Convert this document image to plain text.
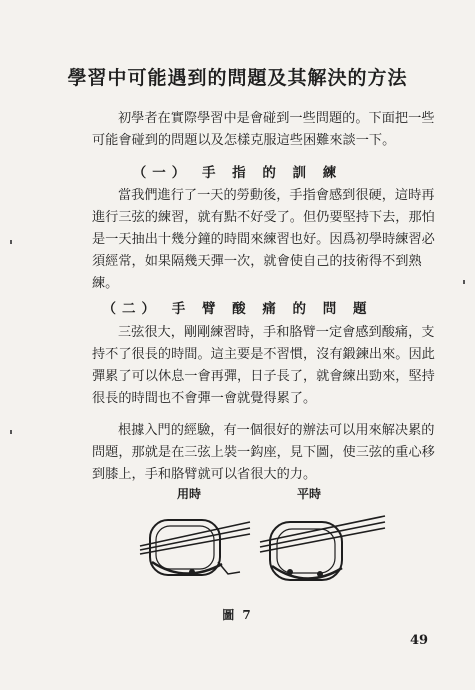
學習中可能遇到的問題及其解決的方法
初學者在實際學習中是會碰到一些問題的。下面把一些
可能會碰到的問題以及怎樣克服這些困難來談一下。
（一） 手 指 的 訓 練
當我們進行了一天的勞動後，手指會感到很硬，這時再
進行三弦的練習，就有點不好受了。但仍要堅持下去，那怕
是一天抽出十幾分鐘的時間來練習也好。因爲初學時練習必
須經常，如果隔幾天彈一次，就會使自己的技術得不到熟
練。
（二） 手 臂 酸 痛 的 問 題
三弦很大，剛剛練習時，手和胳臂一定會感到酸痛，支
持不了很長的時間。這主要是不習慣，沒有鍛鍊出來。因此
彈累了可以休息一會再彈，日子長了，就會練出勁來，堅持
很長的時間也不會彈一會就覺得累了。
根據入門的經驗，有一個很好的辦法可以用來解决累的
問題，那就是在三弦上裝一鈎座，見下圖，使三弦的重心移
到膝上，手和胳臂就可以省很大的力。
用時	平時
圖 7
49
